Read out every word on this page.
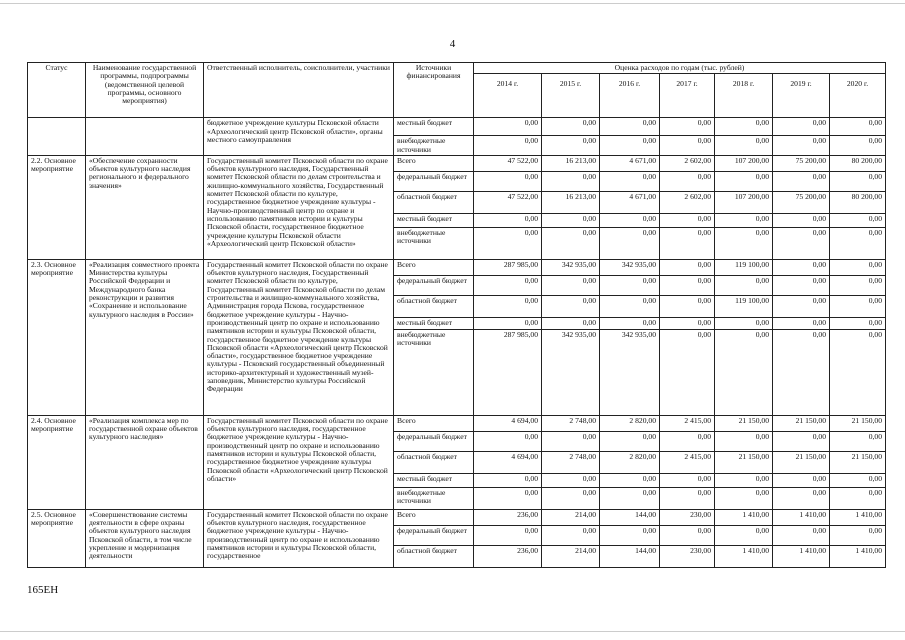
4
Статус	Наименование государственной программы, подпрограммы (ведомственной целевой программы, основного мероприятия)	Ответственный исполнитель, соисполнители, участники	Источники финансирования	Оценка расходов по годам (тыс. рублей)						
				2014 г.	2015 г.	2016 г.	2017 г.	2018 г.	2019 г.	2020 г.
		бюджетное учреждение культуры Псковской области «Археологический центр Псковской области», органы местного самоуправления	местный бюджет	0,00	0,00	0,00	0,00	0,00	0,00	0,00
			внебюджетные источники	0,00	0,00	0,00	0,00	0,00	0,00	0,00
2.2. Основное мероприятие	«Обеспечение сохранности объектов культурного наследия регионального и федерального значения»	Государственный комитет Псковской области по охране объектов культурного наследия, Государственный комитет Псковской области по делам строительства и жилищно-коммунального хозяйства, Государственный комитет Псковской области по культуре, государственное бюджетное учреждение культуры - Научно-производственный центр по охране и использованию памятников истории и культуры Псковской области, государственное бюджетное учреждение культуры Псковской области «Археологический центр Псковской области»	Всего	47 522,00	16 213,00	4 671,00	2 602,00	107 200,00	75 200,00	80 200,00
			федеральный бюджет	0,00	0,00	0,00	0,00	0,00	0,00	0,00
			областной бюджет	47 522,00	16 213,00	4 671,00	2 602,00	107 200,00	75 200,00	80 200,00
			местный бюджет	0,00	0,00	0,00	0,00	0,00	0,00	0,00
			внебюджетные источники	0,00	0,00	0,00	0,00	0,00	0,00	0,00
2.3. Основное мероприятие	«Реализация совместного проекта Министерства культуры Российской Федерации и Международного банка реконструкции и развития «Сохранение и использование культурного наследия в России»	Государственный комитет Псковской области по охране объектов культурного наследия, Государственный комитет Псковской области по культуре, Государственный комитет Псковской области по делам строительства и жилищно-коммунального хозяйства, Администрация города Пскова, государственное бюджетное учреждение культуры - Научно-производственный центр по охране и использованию памятников истории и культуры Псковской области, государственное бюджетное учреждение культуры Псковской области «Археологический центр Псковской области», государственное бюджетное учреждение культуры - Псковский государственный объединенный историко-архитектурный и художественный музей-заповедник, Министерство культуры Российской Федерации	Всего	287 985,00	342 935,00	342 935,00	0,00	119 100,00	0,00	0,00
			федеральный бюджет	0,00	0,00	0,00	0,00	0,00	0,00	0,00
			областной бюджет	0,00	0,00	0,00	0,00	119 100,00	0,00	0,00
			местный бюджет	0,00	0,00	0,00	0,00	0,00	0,00	0,00
			внебюджетные источники	287 985,00	342 935,00	342 935,00	0,00	0,00	0,00	0,00
2.4. Основное мероприятие	«Реализация комплекса мер по государственной охране объектов культурного наследия»	Государственный комитет Псковской области по охране объектов культурного наследия, государственное бюджетное учреждение культуры - Научно-производственный центр по охране и использованию памятников истории и культуры Псковской области, государственное бюджетное учреждение культуры Псковской области «Археологический центр Псковской области»	Всего	4 694,00	2 748,00	2 820,00	2 415,00	21 150,00	21 150,00	21 150,00
			федеральный бюджет	0,00	0,00	0,00	0,00	0,00	0,00	0,00
			областной бюджет	4 694,00	2 748,00	2 820,00	2 415,00	21 150,00	21 150,00	21 150,00
			местный бюджет	0,00	0,00	0,00	0,00	0,00	0,00	0,00
			внебюджетные источники	0,00	0,00	0,00	0,00	0,00	0,00	0,00
2.5. Основное мероприятие	«Совершенствование системы деятельности в сфере охраны объектов культурного наследия Псковской области, в том числе укрепление и модернизация деятельности	Государственный комитет Псковской области по охране объектов культурного наследия, государственное бюджетное учреждение культуры - Научно-производственный центр по охране и использованию памятников истории и культуры Псковской области, государственное	Всего	236,00	214,00	144,00	230,00	1 410,00	1 410,00	1 410,00
			федеральный бюджет	0,00	0,00	0,00	0,00	0,00	0,00	0,00
			областной бюджет	236,00	214,00	144,00	230,00	1 410,00	1 410,00	1 410,00
165ЕН
